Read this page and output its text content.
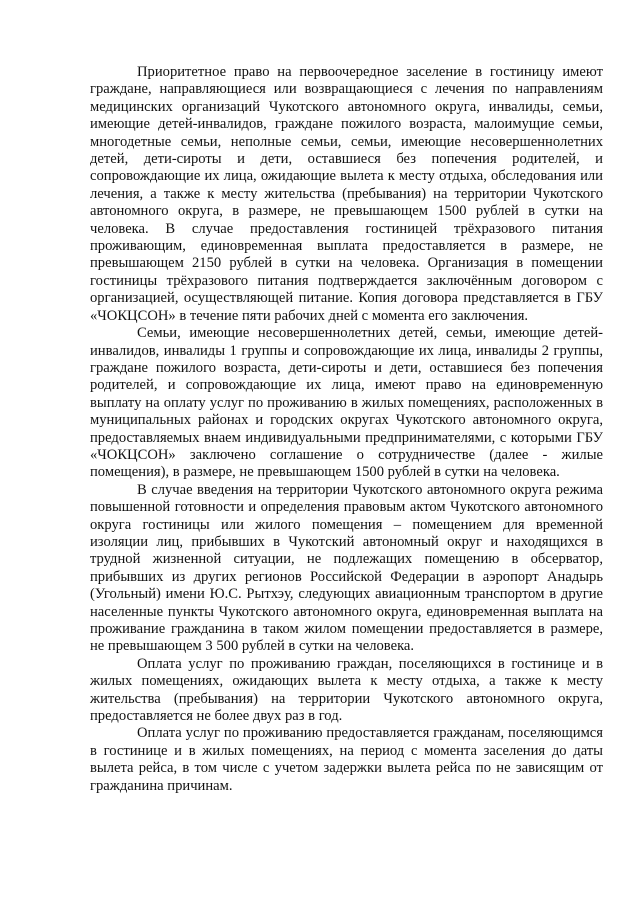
Приоритетное право на первоочередное заселение в гостиницу имеют граждане, направляющиеся или возвращающиеся с лечения по направлениям медицинских организаций Чукотского автономного округа, инвалиды, семьи, имеющие детей-инвалидов, граждане пожилого возраста, малоимущие семьи, многодетные семьи, неполные семьи, семьи, имеющие несовершеннолетних детей, дети-сироты и дети, оставшиеся без попечения родителей, и сопровождающие их лица, ожидающие вылета к месту отдыха, обследования или лечения, а также к месту жительства (пребывания) на территории Чукотского автономного округа, в размере, не превышающем 1500 рублей в сутки на человека. В случае предоставления гостиницей трёхразового питания проживающим, единовременная выплата предоставляется в размере, не превышающем 2150 рублей в сутки на человека. Организация в помещении гостиницы трёхразового питания подтверждается заключённым договором с организацией, осуществляющей питание. Копия договора представляется в ГБУ «ЧОКЦСОН» в течение пяти рабочих дней с момента его заключения.

Семьи, имеющие несовершеннолетних детей, семьи, имеющие детей-инвалидов, инвалиды 1 группы и сопровождающие их лица, инвалиды 2 группы, граждане пожилого возраста, дети-сироты и дети, оставшиеся без попечения родителей, и сопровождающие их лица, имеют право на единовременную выплату на оплату услуг по проживанию в жилых помещениях, расположенных в муниципальных районах и городских округах Чукотского автономного округа, предоставляемых внаем индивидуальными предпринимателями, с которыми ГБУ «ЧОКЦСОН» заключено соглашение о сотрудничестве (далее - жилые помещения), в размере, не превышающем 1500 рублей в сутки на человека.

В случае введения на территории Чукотского автономного округа режима повышенной готовности и определения правовым актом Чукотского автономного округа гостиницы или жилого помещения – помещением для временной изоляции лиц, прибывших в Чукотский автономный округ и находящихся в трудной жизненной ситуации, не подлежащих помещению в обсерватор, прибывших из других регионов Российской Федерации в аэропорт Анадырь (Угольный) имени Ю.С. Рытхэу, следующих авиационным транспортом в другие населенные пункты Чукотского автономного округа, единовременная выплата на проживание гражданина в таком жилом помещении предоставляется в размере, не превышающем 3 500 рублей в сутки на человека.

Оплата услуг по проживанию граждан, поселяющихся в гостинице и в жилых помещениях, ожидающих вылета к месту отдыха, а также к месту жительства (пребывания) на территории Чукотского автономного округа, предоставляется не более двух раз в год.

Оплата услуг по проживанию предоставляется гражданам, поселяющимся в гостинице и в жилых помещениях, на период с момента заселения до даты вылета рейса, в том числе с учетом задержки вылета рейса по не зависящим от гражданина причинам.
